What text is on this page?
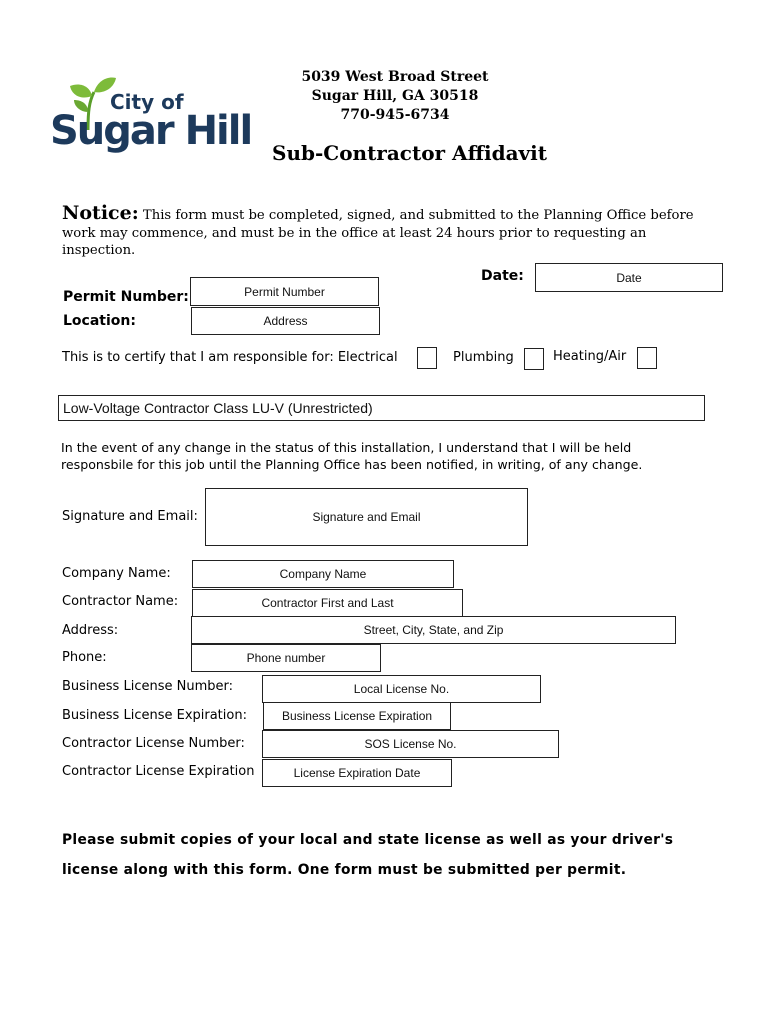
City of
Sugar Hill
5039 West Broad Street
Sugar Hill, GA 30518
770-945-6734
Sub-Contractor Affidavit
Notice: This form must be completed, signed, and submitted to the Planning Office before
work may commence, and must be in the office at least 24 hours prior to requesting an
inspection.
Date:	Date
Permit Number:	Permit Number
Location:	Address
This is to certify that I am responsible for: Electrical	Plumbing	Heating/Air
Low-Voltage Contractor Class LU-V (Unrestricted)
In the event of any change in the status of this installation, I understand that I will be held
responsbile for this job until the Planning Office has been notified, in writing, of any change.
Signature and Email:	Signature and Email
Company Name:	Company Name
Contractor Name:	Contractor First and Last
Address:	Street, City, State, and Zip
Phone:	Phone number
Business License Number:	Local License No.
Business License Expiration:	Business License Expiration
Contractor License Number:	SOS License No.
Contractor License Expiration	License Expiration Date
Please submit copies of your local and state license as well as your driver's
license along with this form. One form must be submitted per permit.
